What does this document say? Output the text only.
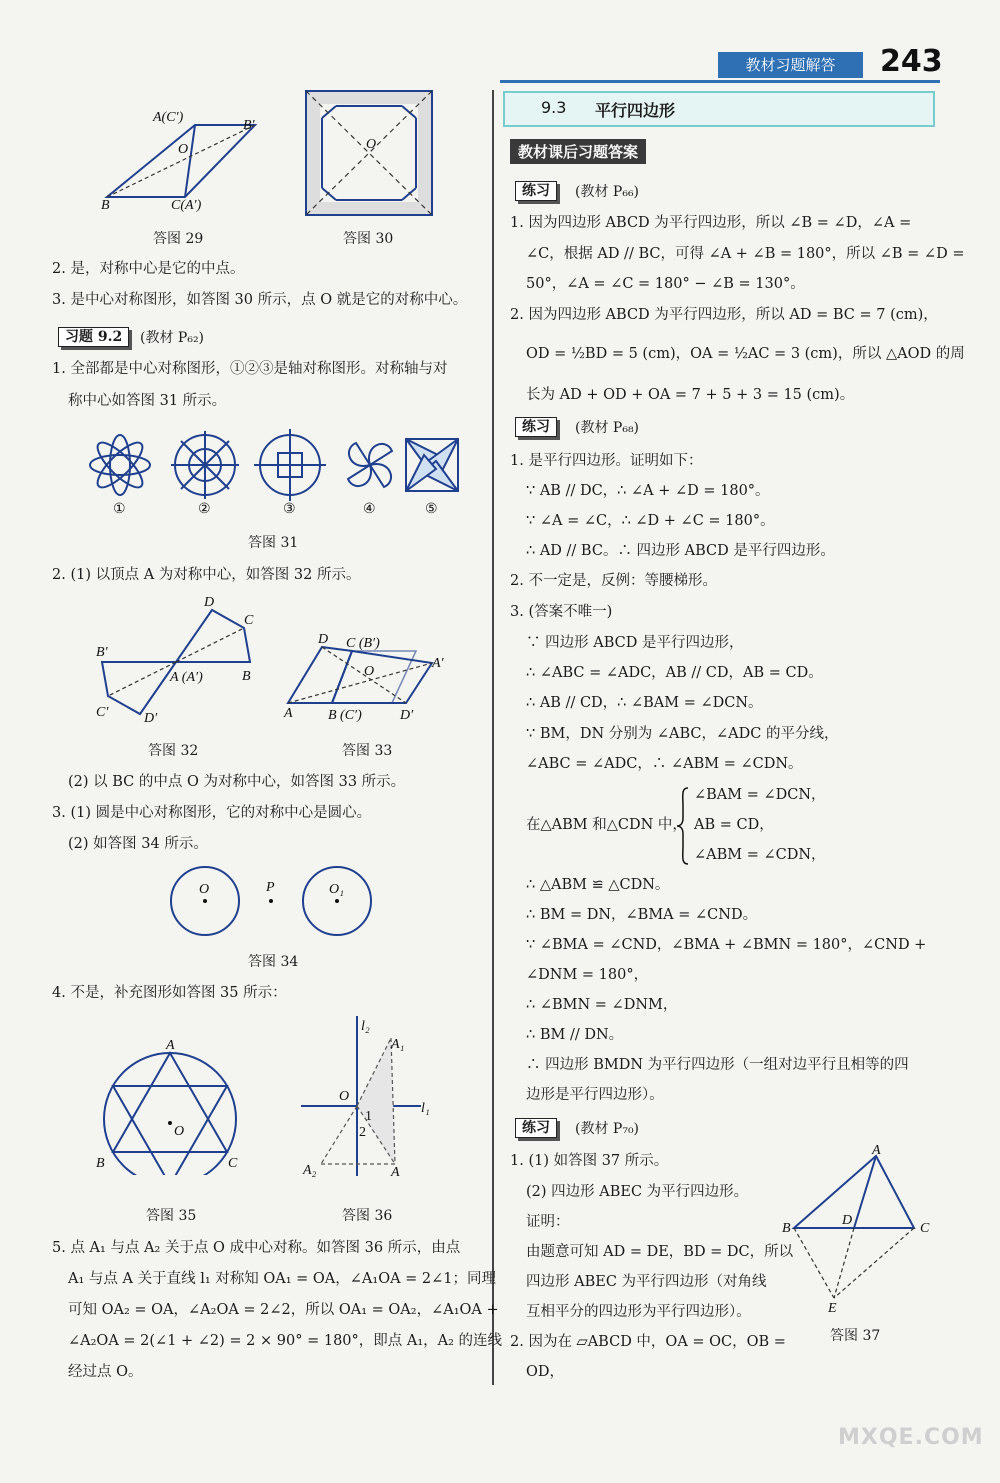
教材习题解答	243
A(C′)
B′
O
B	C(A′)
答图 29
O
答图 30
2. 是，对称中心是它的中点。
3. 是中心对称图形，如答图 30 所示，点 O 就是它的对称中心。
习题 9.2	(教材 P₆₂)
1. 全部都是中心对称图形，①②③是轴对称图形。对称轴与对
称中心如答图 31 所示。
①	②	③	④	⑤
答图 31
2. (1) 以顶点 A 为对称中心，如答图 32 所示。
D
C
B′
A (A′)	B
C′	D′
答图 32
D C (B′)
O
A′
A	B (C′)	D′
答图 33
(2) 以 BC 的中点 O 为对称中心，如答图 33 所示。
3. (1) 圆是中心对称图形，它的对称中心是圆心。
(2) 如答图 34 所示。
O	P	O₁
答图 34
4. 不是，补充图形如答图 35 所示：
A
O
B	C
答图 35
l₂
A₁
O
l₁
1
2
A₂	A
答图 36
5. 点 A₁ 与点 A₂ 关于点 O 成中心对称。如答图 36 所示，由点
A₁ 与点 A 关于直线 l₁ 对称知 OA₁ = OA，∠A₁OA = 2∠1；同理
可知 OA₂ = OA，∠A₂OA = 2∠2，所以 OA₁ = OA₂，∠A₁OA +
∠A₂OA = 2(∠1 + ∠2) = 2 × 90° = 180°，即点 A₁，A₂ 的连线
经过点 O。
9.3 平行四边形
教材课后习题答案
练习	(教材 P₆₆)
1. 因为四边形 ABCD 为平行四边形，所以 ∠B = ∠D，∠A =
∠C，根据 AD // BC，可得 ∠A + ∠B = 180°，所以 ∠B = ∠D =
50°，∠A = ∠C = 180° − ∠B = 130°。
2. 因为四边形 ABCD 为平行四边形，所以 AD = BC = 7 (cm)，
OD = ½BD = 5 (cm)，OA = ½AC = 3 (cm)，所以 △AOD 的周
长为 AD + OD + OA = 7 + 5 + 3 = 15 (cm)。
练习	(教材 P₆₈)
1. 是平行四边形。证明如下：
∵ AB // DC，∴ ∠A + ∠D = 180°。
∵ ∠A = ∠C，∴ ∠D + ∠C = 180°。
∴ AD // BC。∴ 四边形 ABCD 是平行四边形。
2. 不一定是，反例：等腰梯形。
3. (答案不唯一)
∵ 四边形 ABCD 是平行四边形，
∴ ∠ABC = ∠ADC，AB // CD，AB = CD。
∴ AB // CD，∴ ∠BAM = ∠DCN。
∵ BM，DN 分别为 ∠ABC，∠ADC 的平分线，
∠ABC = ∠ADC，∴ ∠ABM = ∠CDN。
在△ABM 和△CDN 中，
∠BAM = ∠DCN，
AB = CD，
∠ABM = ∠CDN，
∴ △ABM ≌ △CDN。
∴ BM = DN，∠BMA = ∠CND。
∵ ∠BMA = ∠CND，∠BMA + ∠BMN = 180°，∠CND +
∠DNM = 180°，
∴ ∠BMN = ∠DNM，
∴ BM // DN。
∴ 四边形 BMDN 为平行四边形（一组对边平行且相等的四
边形是平行四边形）。
练习	(教材 P₇₀)
1. (1) 如答图 37 所示。
(2) 四边形 ABEC 为平行四边形。
证明：
由题意可知 AD = DE，BD = DC，所以
四边形 ABEC 为平行四边形（对角线
互相平分的四边形为平行四边形）。
2. 因为在 ▱ABCD 中，OA = OC，OB =
OD，
A
B
D
C
E
答图 37
MXQE.COM
